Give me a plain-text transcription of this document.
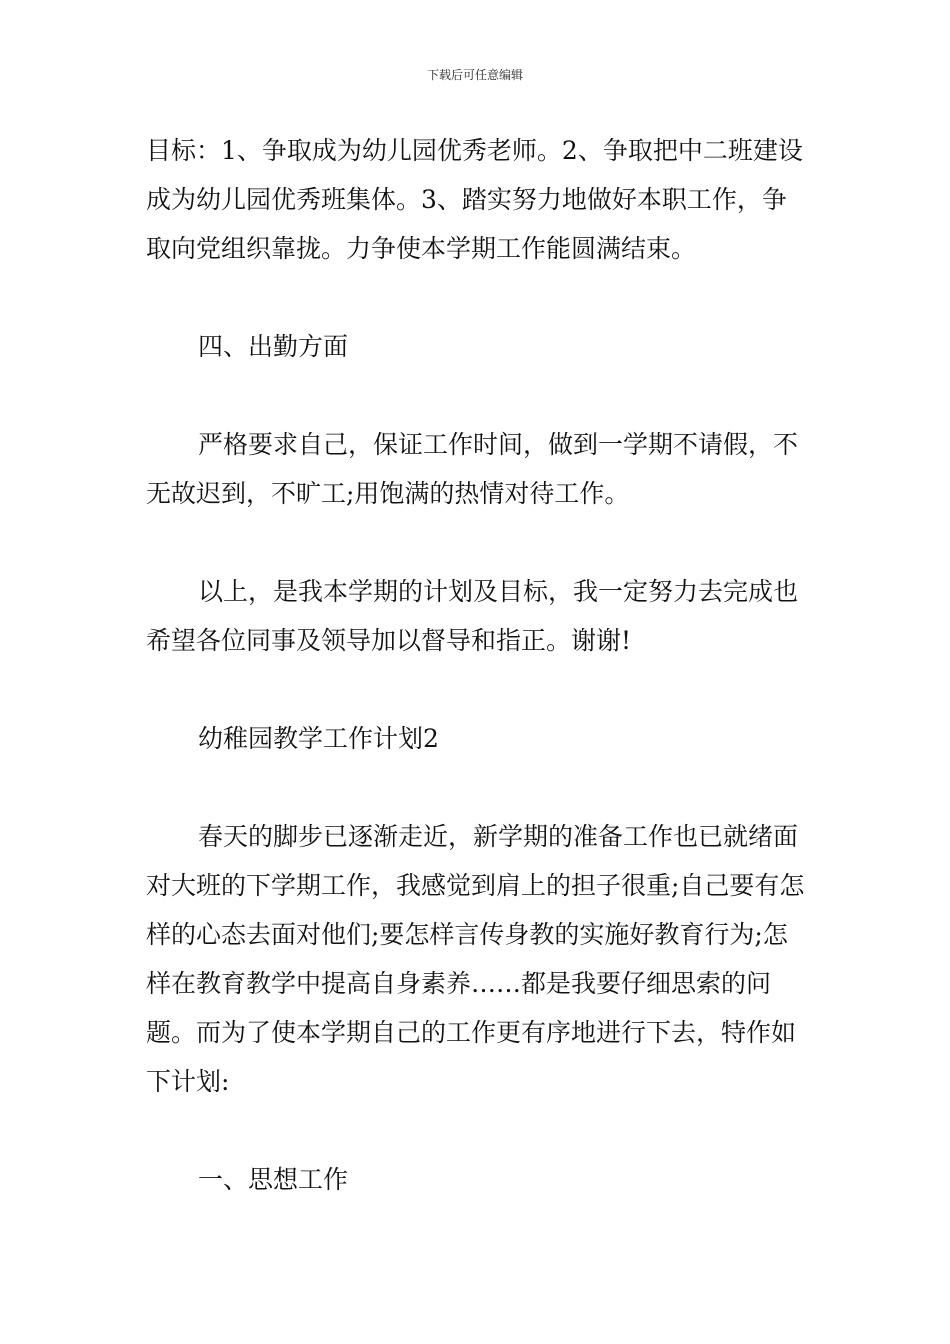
下载后可任意编辑

目标：1、争取成为幼儿园优秀老师。2、争取把中二班建设成为幼儿园优秀班集体。3、踏实努力地做好本职工作，争取向党组织靠拢。力争使本学期工作能圆满结束。

四、出勤方面

严格要求自己，保证工作时间，做到一学期不请假，不无故迟到，不旷工;用饱满的热情对待工作。

以上，是我本学期的计划及目标，我一定努力去完成也希望各位同事及领导加以督导和指正。谢谢!

幼稚园教学工作计划2

春天的脚步已逐渐走近，新学期的准备工作也已就绪面对大班的下学期工作，我感觉到肩上的担子很重;自己要有怎样的心态去面对他们;要怎样言传身教的实施好教育行为;怎样在教育教学中提高自身素养……都是我要仔细思索的问题。而为了使本学期自己的工作更有序地进行下去，特作如下计划:

一、思想工作
